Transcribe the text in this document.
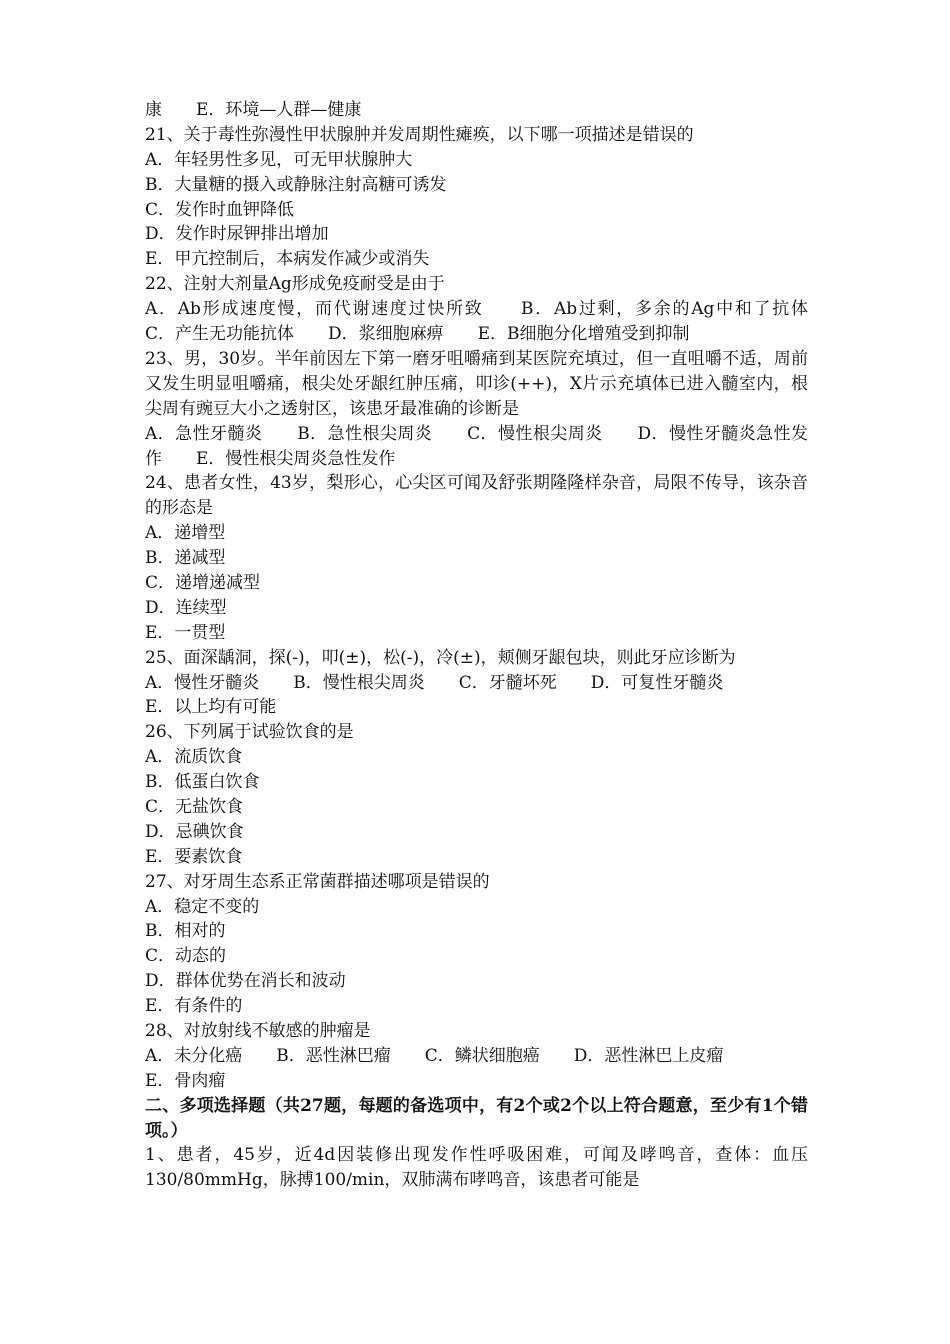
康　　E．环境—人群—健康
21、关于毒性弥漫性甲状腺肿并发周期性瘫痪，以下哪一项描述是错误的
A．年轻男性多见，可无甲状腺肿大
B．大量糖的摄入或静脉注射高糖可诱发
C．发作时血钾降低
D．发作时尿钾排出增加
E．甲亢控制后，本病发作减少或消失
22、注射大剂量Ag形成免疫耐受是由于
A．Ab形成速度慢，而代谢速度过快所致　　B．Ab过剩，多余的Ag中和了抗体　　C．产生无功能抗体　　D．浆细胞麻痹　　E．B细胞分化增殖受到抑制
23、男，30岁。半年前因左下第一磨牙咀嚼痛到某医院充填过，但一直咀嚼不适，周前又发生明显咀嚼痛，根尖处牙龈红肿压痛，叩诊(++)，X片示充填体已进入髓室内，根尖周有豌豆大小之透射区，该患牙最准确的诊断是
A．急性牙髓炎　　B．急性根尖周炎　　C．慢性根尖周炎　　D．慢性牙髓炎急性发作　　E．慢性根尖周炎急性发作
24、患者女性，43岁，梨形心，心尖区可闻及舒张期隆隆样杂音，局限不传导，该杂音的形态是
A．递增型
B．递减型
C．递增递减型
D．连续型
E．一贯型
25、面深龋洞，探(-)，叩(±)，松(-)，冷(±)，颊侧牙龈包块，则此牙应诊断为
A．慢性牙髓炎　　B．慢性根尖周炎　　C．牙髓坏死　　D．可复性牙髓炎
E．以上均有可能
26、下列属于试验饮食的是
A．流质饮食
B．低蛋白饮食
C．无盐饮食
D．忌碘饮食
E．要素饮食
27、对牙周生态系正常菌群描述哪项是错误的
A．稳定不变的
B．相对的
C．动态的
D．群体优势在消长和波动
E．有条件的
28、对放射线不敏感的肿瘤是
A．未分化癌　　B．恶性淋巴瘤　　C．鳞状细胞癌　　D．恶性淋巴上皮瘤
E．骨肉瘤
二、多项选择题（共27题，每题的备选项中，有2个或2个以上符合题意，至少有1个错项。）
1、患者，45岁，近4d因装修出现发作性呼吸困难，可闻及哮鸣音，查体：血压130/80mmHg，脉搏100/min，双肺满布哮鸣音，该患者可能是
